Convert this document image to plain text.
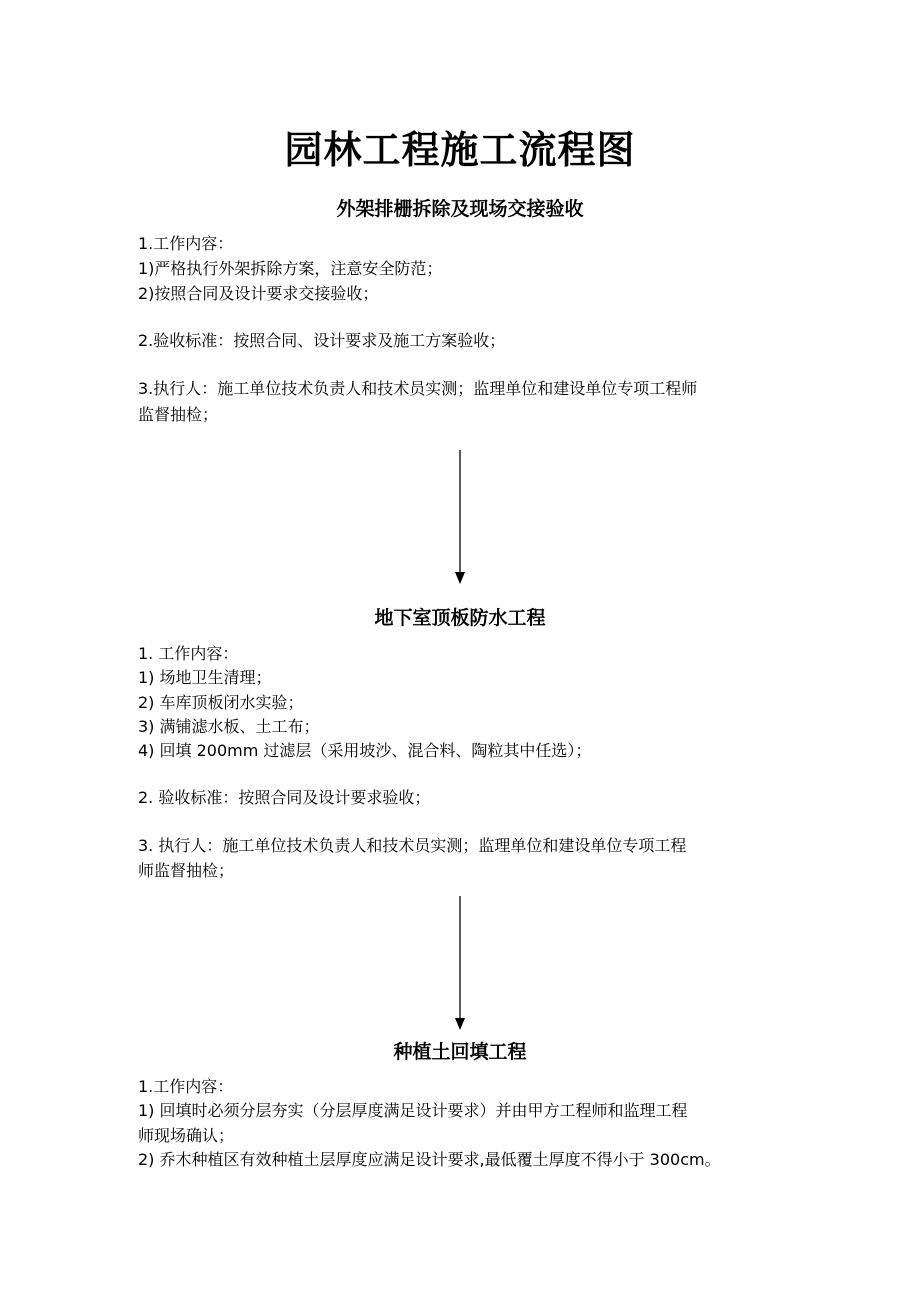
园林工程施工流程图
外架排栅拆除及现场交接验收
1.工作内容：
1)严格执行外架拆除方案，注意安全防范；
2)按照合同及设计要求交接验收；
2.验收标准：按照合同、设计要求及施工方案验收；
3.执行人：施工单位技术负责人和技术员实测；监理单位和建设单位专项工程师
监督抽检；
地下室顶板防水工程
1. 工作内容：
1) 场地卫生清理；
2) 车库顶板闭水实验；
3) 满铺滤水板、土工布；
4) 回填 200mm 过滤层（采用坡沙、混合料、陶粒其中任选）；
2. 验收标准：按照合同及设计要求验收；
3. 执行人：施工单位技术负责人和技术员实测；监理单位和建设单位专项工程
师监督抽检；
种植土回填工程
1.工作内容：
1) 回填时必须分层夯实（分层厚度满足设计要求）并由甲方工程师和监理工程
师现场确认；
2) 乔木种植区有效种植土层厚度应满足设计要求,最低覆土厚度不得小于 300cm。
